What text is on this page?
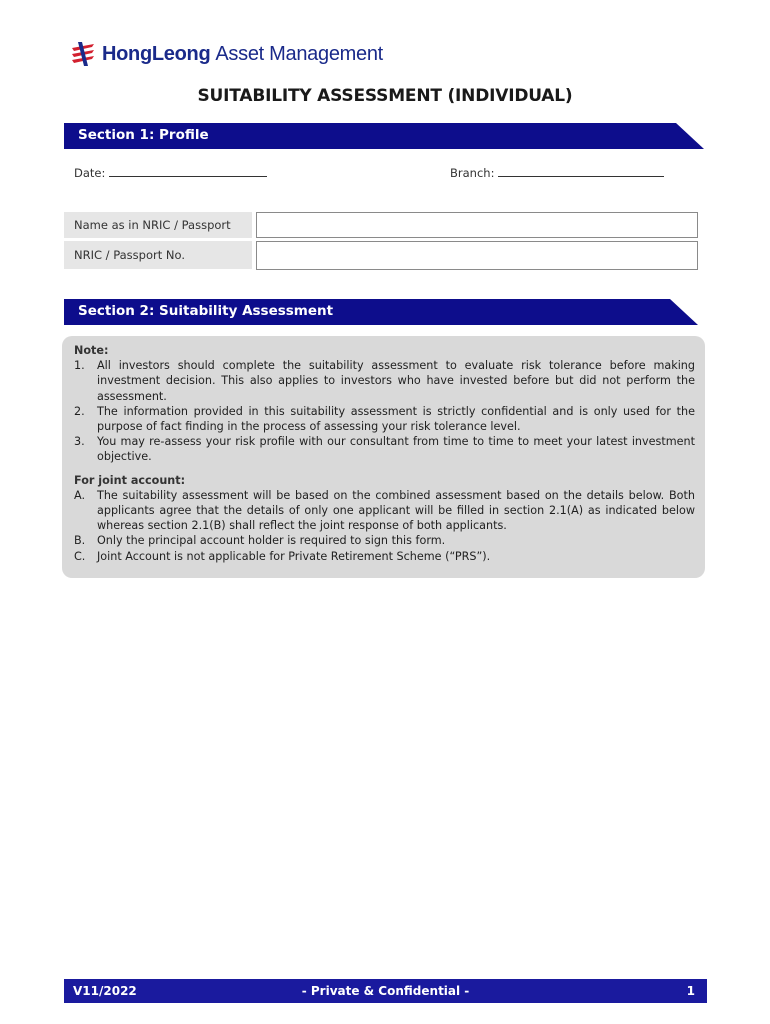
HongLeong Asset Management
SUITABILITY ASSESSMENT (INDIVIDUAL)
Section 1: Profile
Date:	Branch:
Name as in NRIC / Passport
NRIC / Passport No.
Section 2: Suitability Assessment
Note:
1.	All investors should complete the suitability assessment to evaluate risk tolerance before making investment decision. This also applies to investors who have invested before but did not perform the assessment.
2.	The information provided in this suitability assessment is strictly confidential and is only used for the purpose of fact finding in the process of assessing your risk tolerance level.
3.	You may re-assess your risk profile with our consultant from time to time to meet your latest investment objective.
For joint account:
A.	The suitability assessment will be based on the combined assessment based on the details below. Both applicants agree that the details of only one applicant will be filled in section 2.1(A) as indicated below whereas section 2.1(B) shall reflect the joint response of both applicants.
B.	Only the principal account holder is required to sign this form.
C.	Joint Account is not applicable for Private Retirement Scheme (“PRS”).
V11/2022	- Private & Confidential -	1
